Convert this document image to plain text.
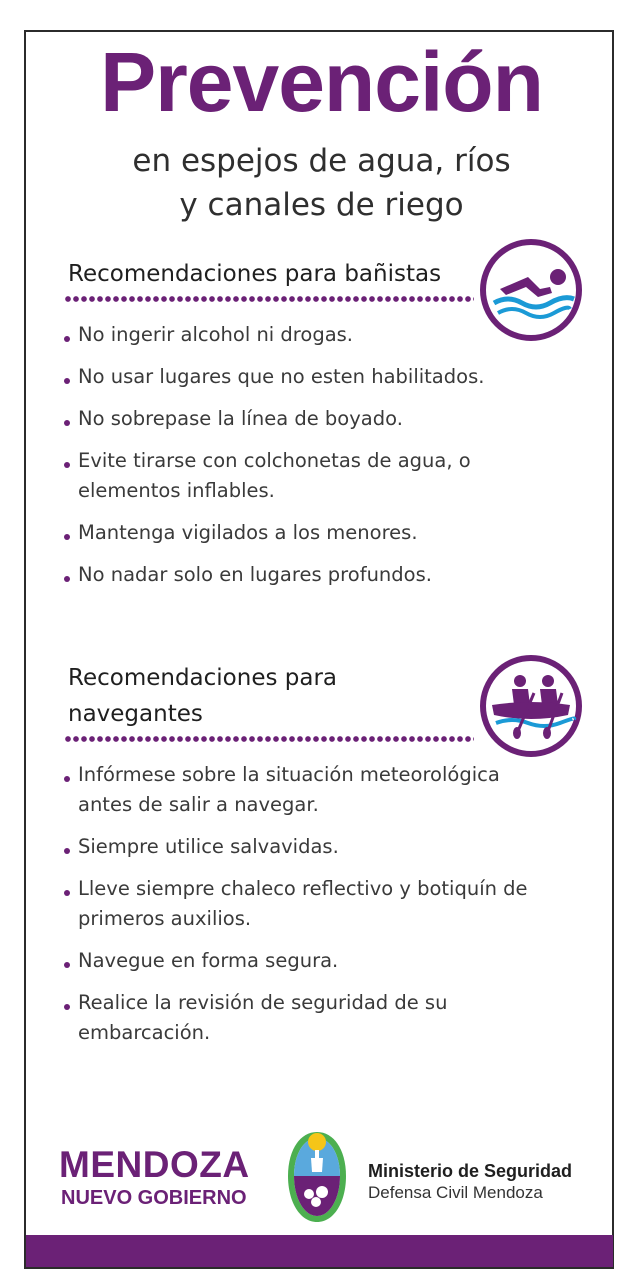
Prevención
en espejos de agua, ríos
y canales de riego
Recomendaciones para bañistas
No ingerir alcohol ni drogas.
No usar lugares que no esten habilitados.
No sobrepase la línea de boyado.
Evite tirarse con colchonetas de agua, o elementos inflables.
Mantenga vigilados a los menores.
No nadar solo en lugares profundos.
Recomendaciones para
navegantes
Infórmese sobre la situación meteorológica antes de salir a navegar.
Siempre utilice salvavidas.
Lleve siempre chaleco reflectivo y botiquín de primeros auxilios.
Navegue en forma segura.
Realice la revisión de seguridad de su embarcación.
MENDOZA
NUEVO GOBIERNO
Ministerio de Seguridad
Defensa Civil Mendoza
